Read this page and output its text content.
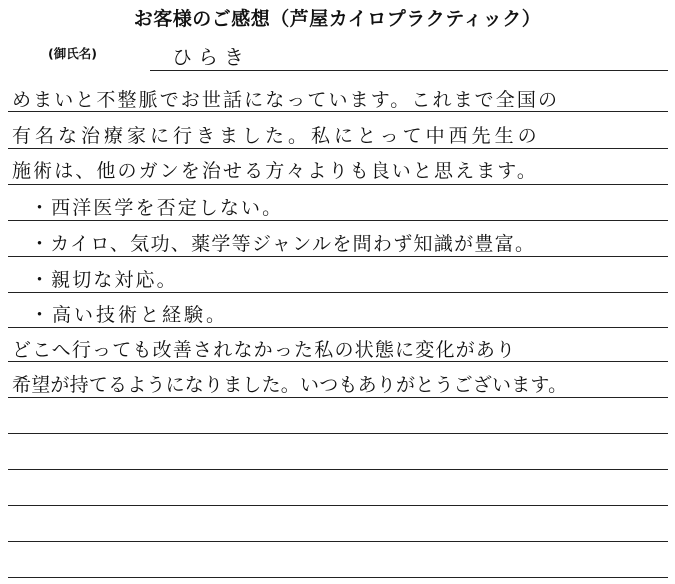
お客様のご感想（芦屋カイロプラクティック）
(御氏名)	ひらき
めまいと不整脈でお世話になっています。これまで全国の
有名な治療家に行きました。私にとって中西先生の
施術は、他のガンを治せる方々よりも良いと思えます。
・西洋医学を否定しない。
・カイロ、気功、薬学等ジャンルを問わず知識が豊富。
・親切な対応。
・高い技術と経験。
どこへ行っても改善されなかった私の状態に変化があり
希望が持てるようになりました。いつもありがとうございます。
